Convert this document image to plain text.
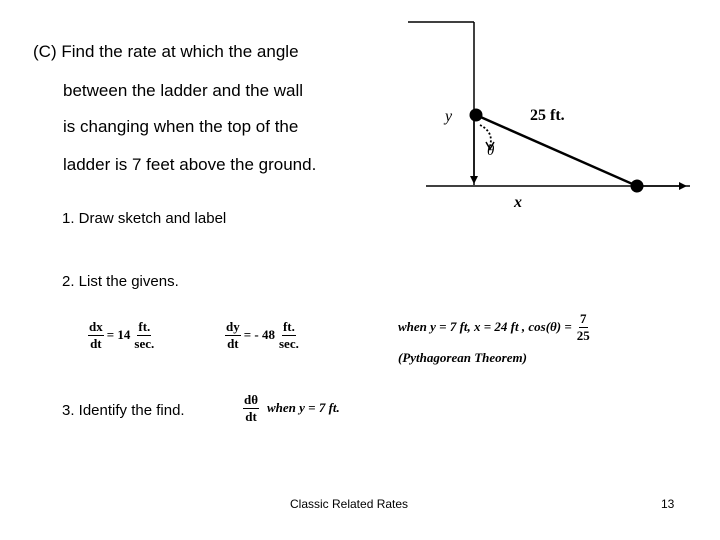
(C) Find the rate at which the angle
between the ladder and the wall
is changing when the top of the
ladder is 7 feet above the ground.
y
x
θ
25 ft.
1. Draw sketch and label
2. List the givens.
3. Identify the find.
$\frac{dx}{dt} = 14 \frac{ft.}{\sec.}$	$\frac{dy}{dt}$ = - $48 \frac{ft.}{\sec.}$	when y = 7 ft, x = 24 ft , $\cos(\theta) = \frac{7}{25}$
(Pythagorean Theorem)
$\frac{d\theta}{dt}$ when y = 7 ft.
Classic Related Rates	13
